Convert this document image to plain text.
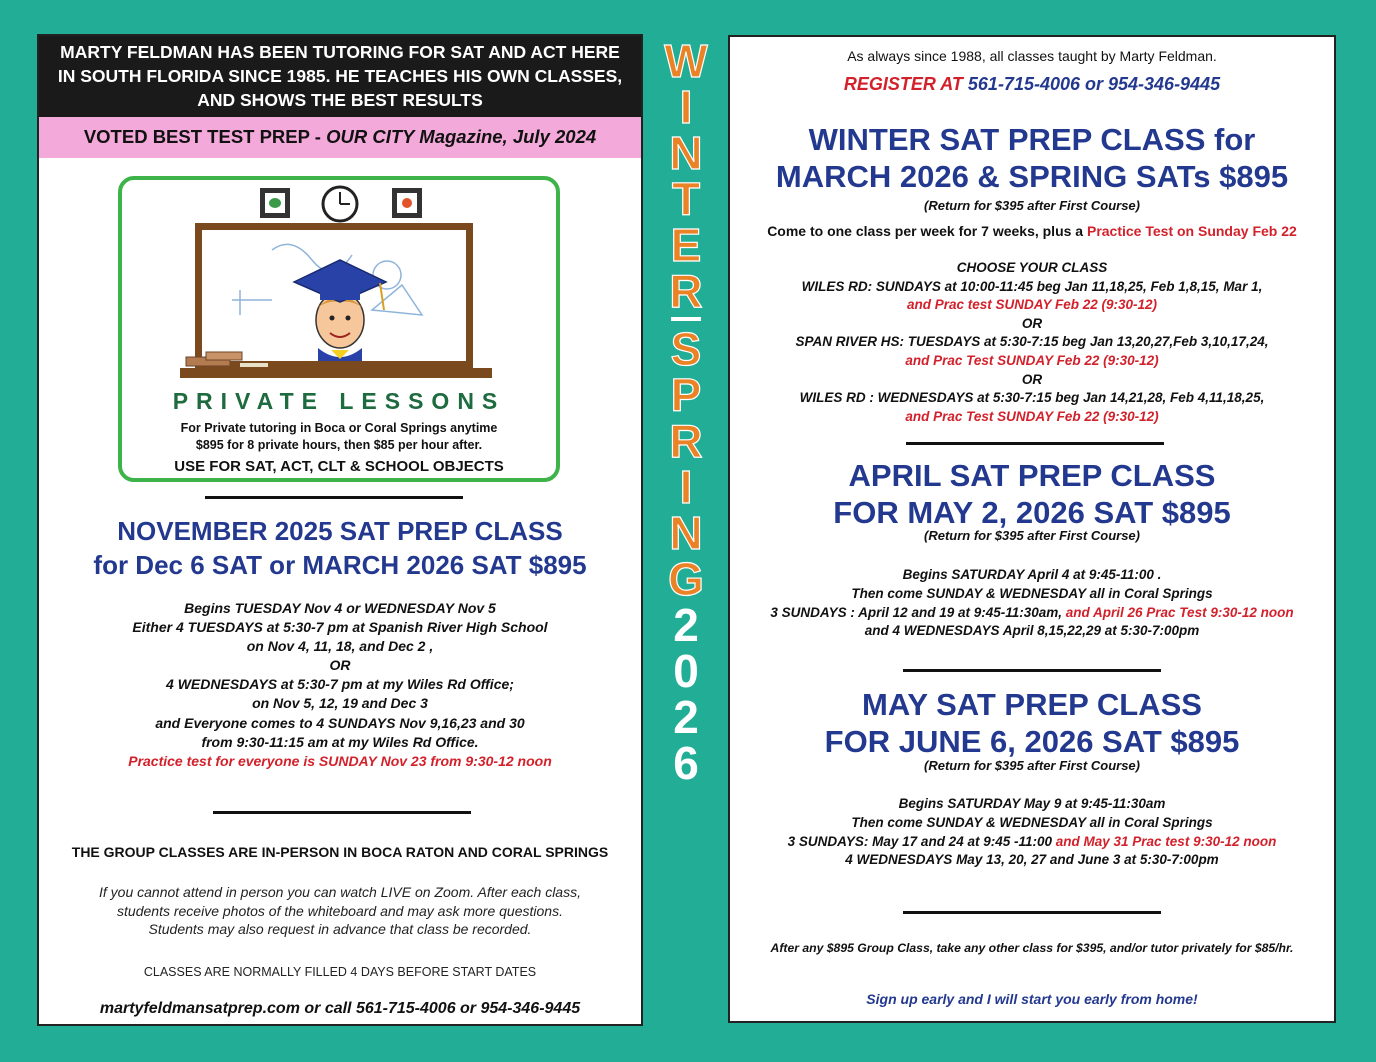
MARTY FELDMAN HAS BEEN TUTORING FOR SAT AND ACT HERE IN SOUTH FLORIDA SINCE 1985. HE TEACHES HIS OWN CLASSES, AND SHOWS THE BEST RESULTS
VOTED BEST TEST PREP - OUR CITY Magazine, July 2024
PRIVATE LESSONS
For Private tutoring in Boca or Coral Springs anytime
$895 for 8 private hours, then $85 per hour after.
USE FOR SAT, ACT, CLT & SCHOOL OBJECTS
NOVEMBER 2025 SAT PREP CLASS
for Dec 6 SAT or MARCH 2026 SAT $895
Begins TUESDAY Nov 4 or WEDNESDAY Nov 5
Either 4 TUESDAYS at 5:30-7 pm at Spanish River High School
on Nov 4, 11, 18, and Dec 2 ,
OR
4 WEDNESDAYS at 5:30-7 pm at my Wiles Rd Office;
on Nov 5, 12, 19 and Dec 3
and Everyone comes to 4 SUNDAYS Nov 9,16,23 and 30
from 9:30-11:15 am at my Wiles Rd Office.
Practice test for everyone is SUNDAY Nov 23 from 9:30-12 noon
THE GROUP CLASSES ARE IN-PERSON IN BOCA RATON AND CORAL SPRINGS
If you cannot attend in person you can watch LIVE on Zoom. After each class,
students receive photos of the whiteboard and may ask more questions.
Students may also request in advance that class be recorded.
CLASSES ARE NORMALLY FILLED 4 DAYS BEFORE START DATES
martyfeldmansatprep.com or call 561-715-4006 or 954-346-9445
W
I
N
T
E
R
S
P
R
I
N
G
2
0
2
6
As always since 1988, all classes taught by Marty Feldman.
REGISTER AT 561-715-4006 or 954-346-9445
WINTER SAT PREP CLASS for
MARCH 2026 & SPRING SATs $895
(Return for $395 after First Course)
Come to one class per week for 7 weeks, plus a Practice Test on Sunday Feb 22
CHOOSE YOUR CLASS
WILES RD: SUNDAYS at 10:00-11:45 beg Jan 11,18,25, Feb 1,8,15, Mar 1,
and Prac test SUNDAY Feb 22 (9:30-12)
OR
SPAN RIVER HS: TUESDAYS at 5:30-7:15 beg Jan 13,20,27,Feb 3,10,17,24,
and Prac Test SUNDAY Feb 22 (9:30-12)
OR
WILES RD : WEDNESDAYS at 5:30-7:15 beg Jan 14,21,28, Feb 4,11,18,25,
and Prac Test SUNDAY Feb 22 (9:30-12)
APRIL SAT PREP CLASS
FOR MAY 2, 2026 SAT $895
(Return for $395 after First Course)
Begins SATURDAY April 4 at 9:45-11:00 .
Then come SUNDAY & WEDNESDAY all in Coral Springs
3 SUNDAYS : April 12 and 19 at 9:45-11:30am, and April 26 Prac Test 9:30-12 noon
and 4 WEDNESDAYS April 8,15,22,29 at 5:30-7:00pm
MAY SAT PREP CLASS
FOR JUNE 6, 2026 SAT $895
(Return for $395 after First Course)
Begins SATURDAY May 9 at 9:45-11:30am
Then come SUNDAY & WEDNESDAY all in Coral Springs
3 SUNDAYS: May 17 and 24 at 9:45 -11:00 and May 31 Prac test 9:30-12 noon
4 WEDNESDAYS May 13, 20, 27 and June 3 at 5:30-7:00pm
After any $895 Group Class, take any other class for $395, and/or tutor privately for $85/hr.
Sign up early and I will start you early from home!
